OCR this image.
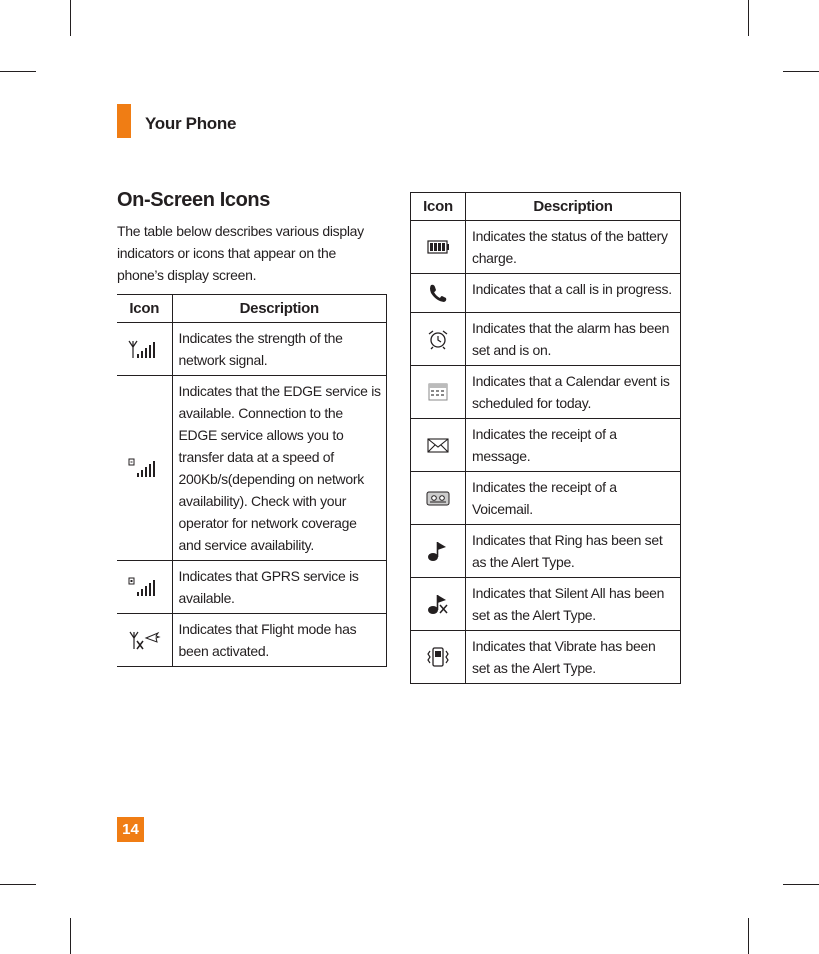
Your Phone
On-Screen Icons
The table below describes various display indicators or icons that appear on the phone’s display screen.
Icon	Description
	Indicates the strength of the network signal.
	Indicates that the EDGE service is available. Connection to the EDGE service allows you to transfer data at a speed of 200Kb/s(depending on network availability). Check with your operator for network coverage and service availability.
	Indicates that GPRS service is available.
	Indicates that Flight mode has been activated.
Icon	Description
	Indicates the status of the battery charge.
	Indicates that a call is in progress.
	Indicates that the alarm has been set and is on.
	Indicates that a Calendar event is scheduled for today.
	Indicates the receipt of a message.
	Indicates the receipt of a Voicemail.
	Indicates that Ring has been set as the Alert Type.
	Indicates that Silent All has been set as the Alert Type.
	Indicates that Vibrate has been set as the Alert Type.
14
